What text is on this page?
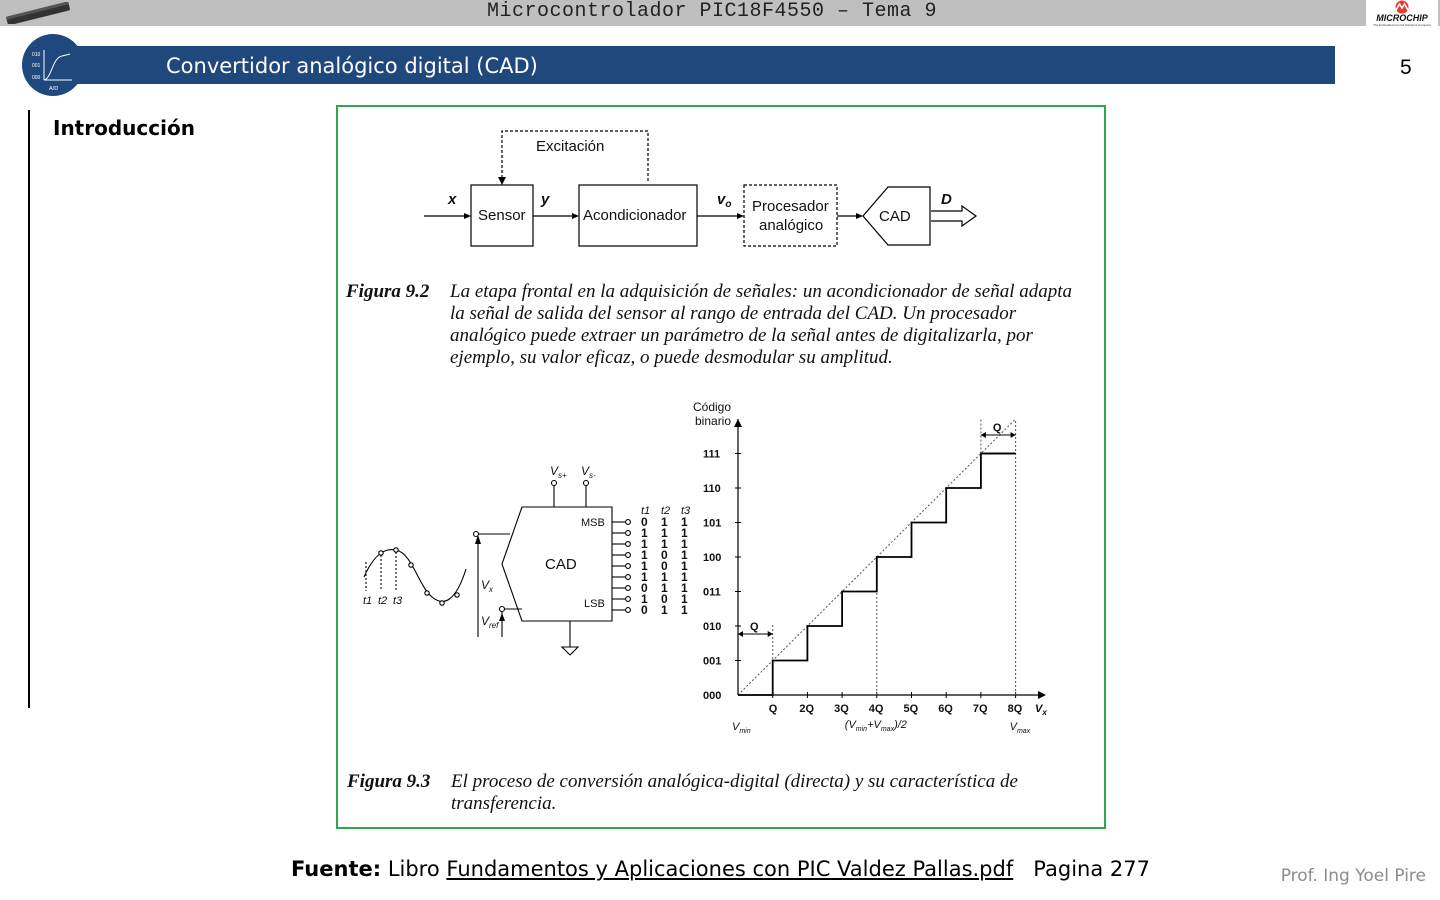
Microcontrolador PIC18F4550 – Tema 9	MICROCHIP
The Embedded Control Solutions Company
010
001
000
A/D
Convertidor analógico digital (CAD)	5
Introducción
Excitación
Sensor	Acondicionador
Procesador
analógico
CAD
x	y	$v_o$	D
CAD
MSB
LSB
$V_{s+}$ $V_{s-}$
$V_x$
$V_{ref}$
t1 t2 t3
t1
0
1
1
1
1
1
0
1
0
t2
1
1
1
0
0
1
1
0
1
t3
1
1
1
1
1
1
1
1
1
Código
binario
000
001
010
011
100
101
110
111
Q 2Q 3Q 4Q 5Q 6Q 7Q 8Q $V_x$
$V_{min}$
$(V_{min}+V_{max})/2$	$V_{max}$
Q
Q
Figura 9.2 La etapa frontal en la adquisición de señales: un acondicionador de señal adapta la señal de salida del sensor al rango de entrada del CAD. Un procesador analógico puede extraer un parámetro de la señal antes de digitalizarla, por ejemplo, su valor eficaz, o puede desmodular su amplitud.
Figura 9.3 El proceso de conversión analógica-digital (directa) y su característica de transferencia.
Fuente: Libro Fundamentos y Aplicaciones con PIC Valdez Pallas.pdf Pagina 277	Prof. Ing Yoel Pire
